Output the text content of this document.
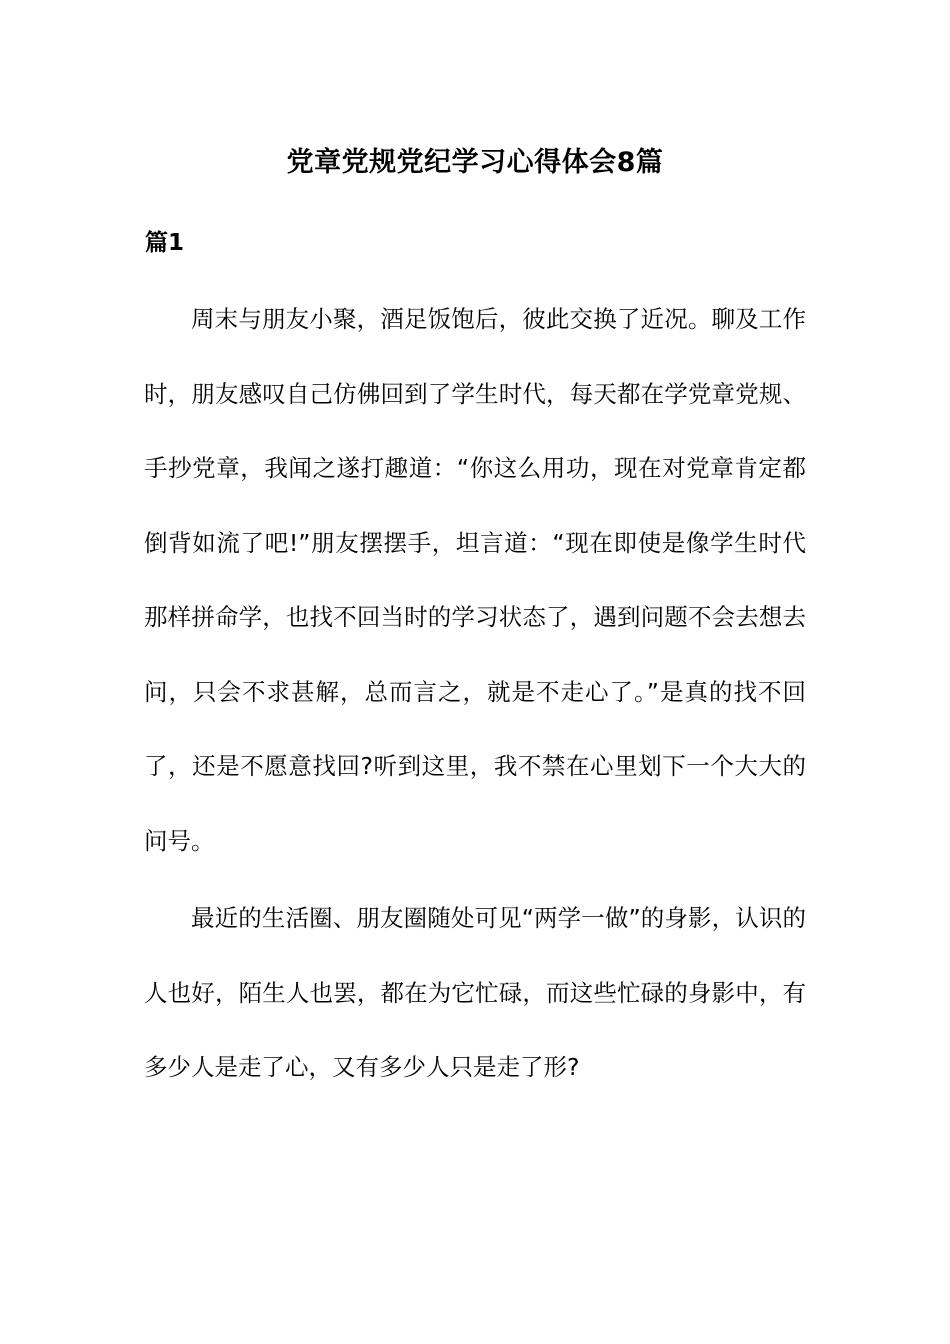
党章党规党纪学习心得体会8篇
篇1

周末与朋友小聚，酒足饭饱后，彼此交换了近况。聊及工作时，朋友感叹自己仿佛回到了学生时代，每天都在学党章党规、手抄党章，我闻之遂打趣道：“你这么用功，现在对党章肯定都倒背如流了吧!”朋友摆摆手，坦言道：“现在即使是像学生时代那样拼命学，也找不回当时的学习状态了，遇到问题不会去想去问，只会不求甚解，总而言之，就是不走心了。”是真的找不回了，还是不愿意找回?听到这里，我不禁在心里划下一个大大的问号。

最近的生活圈、朋友圈随处可见“两学一做”的身影，认识的人也好，陌生人也罢，都在为它忙碌，而这些忙碌的身影中，有多少人是走了心，又有多少人只是走了形?
